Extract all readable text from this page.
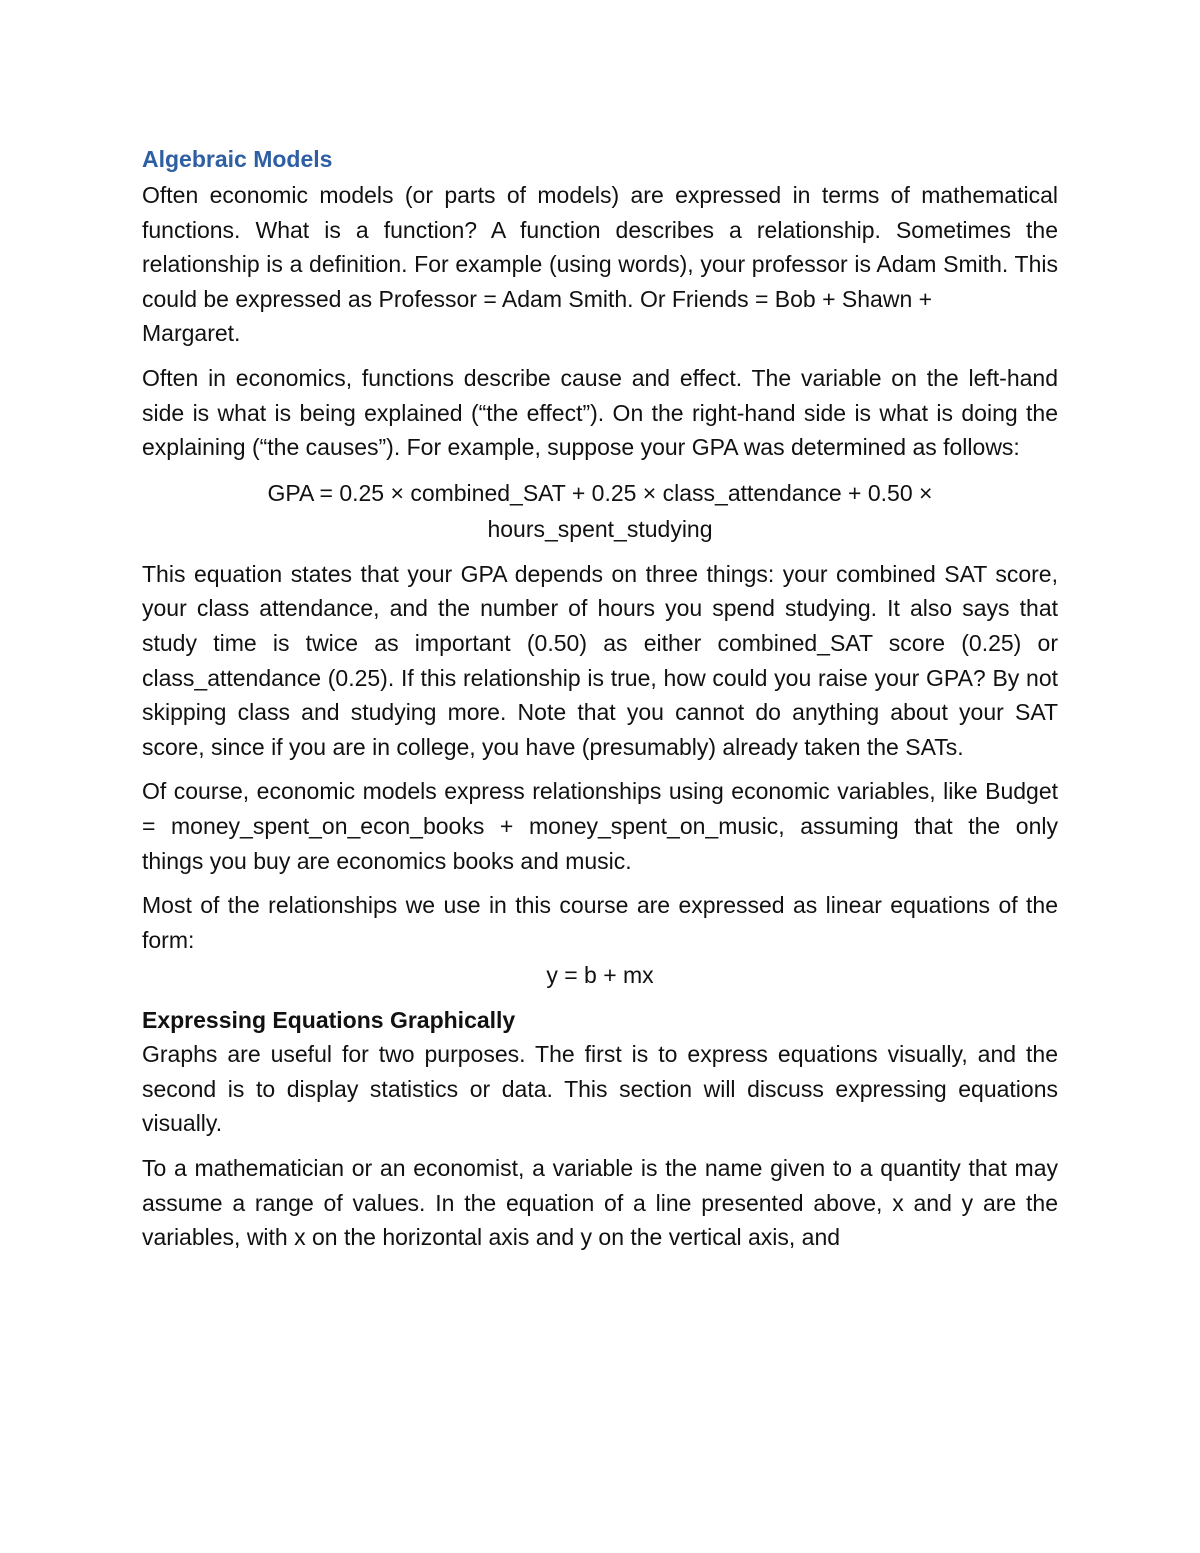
Algebraic Models

Often economic models (or parts of models) are expressed in terms of mathematical functions. What is a function? A function describes a relationship. Sometimes the relationship is a definition. For example (using words), your professor is Adam Smith. This could be expressed as Professor = Adam Smith. Or Friends = Bob + Shawn +

Margaret.

Often in economics, functions describe cause and effect. The variable on the left-hand side is what is being explained (“the effect”). On the right-hand side is what is doing the explaining (“the causes”). For example, suppose your GPA was determined as follows:

GPA = 0.25 × combined_SAT + 0.25 × class_attendance + 0.50 ×
hours_spent_studying

This equation states that your GPA depends on three things: your combined SAT score, your class attendance, and the number of hours you spend studying. It also says that study time is twice as important (0.50) as either combined_SAT score (0.25) or class_attendance (0.25). If this relationship is true, how could you raise your GPA? By not skipping class and studying more. Note that you cannot do anything about your SAT score, since if you are in college, you have (presumably) already taken the SATs.

Of course, economic models express relationships using economic variables, like Budget = money_spent_on_econ_books + money_spent_on_music, assuming that the only things you buy are economics books and music.

Most of the relationships we use in this course are expressed as linear equations of the form:

y = b + mx
Expressing Equations Graphically

Graphs are useful for two purposes. The first is to express equations visually, and the second is to display statistics or data. This section will discuss expressing equations visually.

To a mathematician or an economist, a variable is the name given to a quantity that may assume a range of values. In the equation of a line presented above, x and y are the variables, with x on the horizontal axis and y on the vertical axis, and
